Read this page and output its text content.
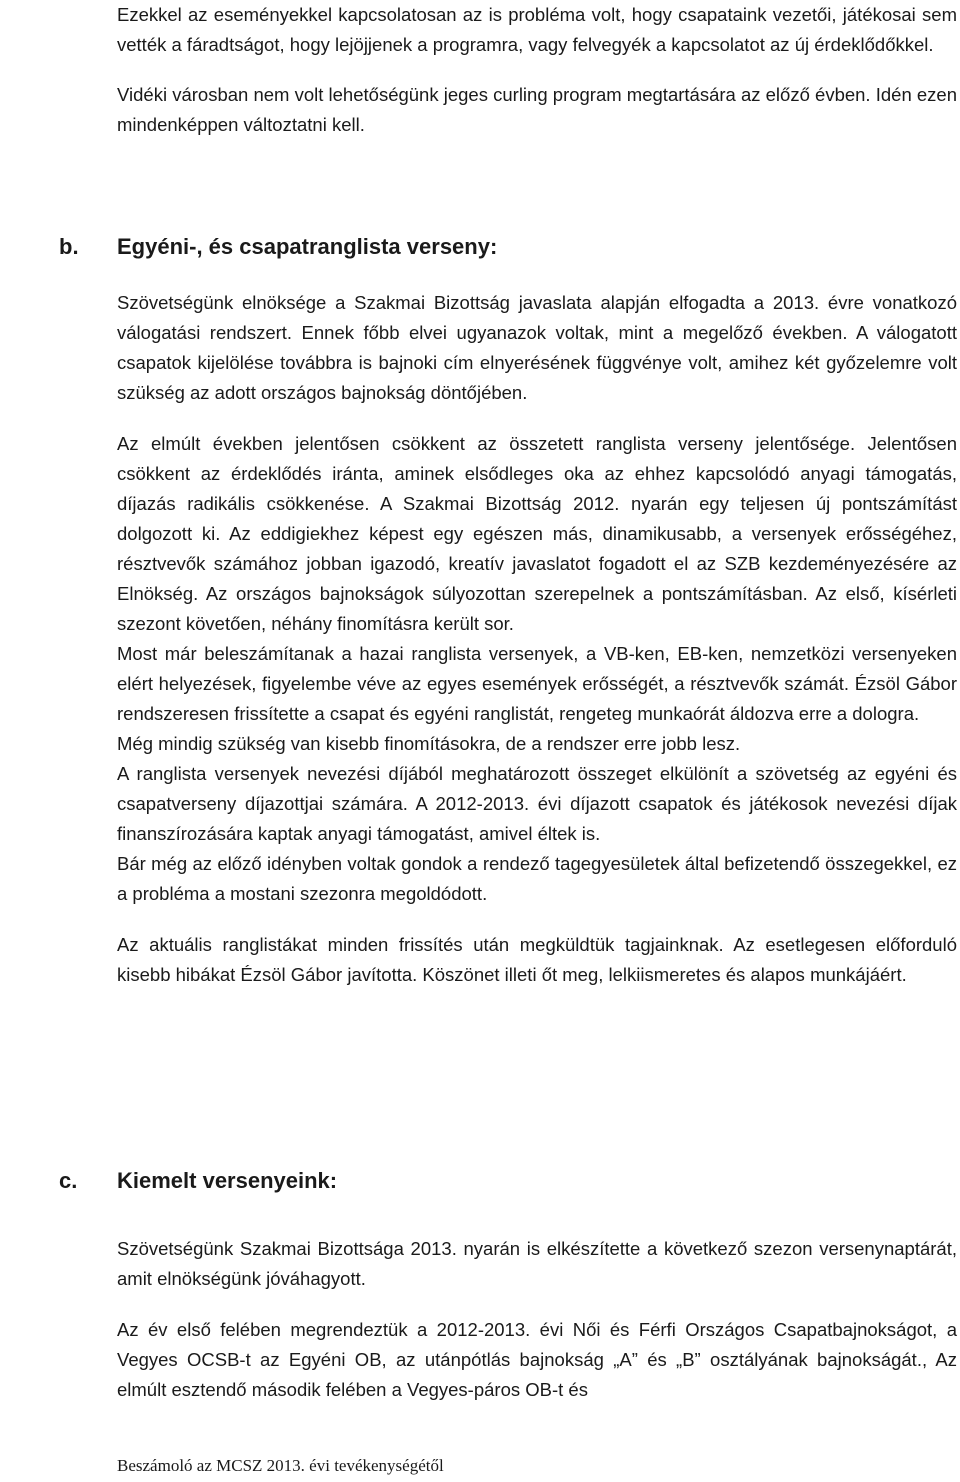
Ezekkel az eseményekkel kapcsolatosan az is probléma volt, hogy csapataink vezetői, játékosai sem vették a fáradtságot, hogy lejöjjenek a programra, vagy felvegyék a kapcsolatot az új érdeklődőkkel.

Vidéki városban nem volt lehetőségünk jeges curling program megtartására az előző évben. Idén ezen mindenképpen változtatni kell.

b.	Egyéni-, és csapatranglista verseny:

Szövetségünk elnöksége a Szakmai Bizottság javaslata alapján elfogadta a 2013. évre vonatkozó válogatási rendszert. Ennek főbb elvei ugyanazok voltak, mint a megelőző években. A válogatott csapatok kijelölése továbbra is bajnoki cím elnyerésének függvénye volt, amihez két győzelemre volt szükség az adott országos bajnokság döntőjében.

Az elmúlt években jelentősen csökkent az összetett ranglista verseny jelentősége. Jelentősen csökkent az érdeklődés iránta, aminek elsődleges oka az ehhez kapcsolódó anyagi támogatás, díjazás radikális csökkenése. A Szakmai Bizottság 2012. nyarán egy teljesen új pontszámítást dolgozott ki. Az eddigiekhez képest egy egészen más, dinamikusabb, a versenyek erősségéhez, résztvevők számához jobban igazodó, kreatív javaslatot fogadott el az SZB kezdeményezésére az Elnökség. Az országos bajnokságok súlyozottan szerepelnek a pontszámításban. Az első, kísérleti szezont követően, néhány finomításra került sor.

Most már beleszámítanak a hazai ranglista versenyek, a VB-ken, EB-ken, nemzetközi versenyeken elért helyezések, figyelembe véve az egyes események erősségét, a résztvevők számát. Ézsöl Gábor rendszeresen frissítette a csapat és egyéni ranglistát, rengeteg munkaórát áldozva erre a dologra.

Még mindig szükség van kisebb finomításokra, de a rendszer erre jobb lesz.

A ranglista versenyek nevezési díjából meghatározott összeget elkülönít a szövetség az egyéni és csapatverseny díjazottjai számára. A 2012-2013. évi díjazott csapatok és játékosok nevezési díjak finanszírozására kaptak anyagi támogatást, amivel éltek is.

Bár még az előző idényben voltak gondok a rendező tagegyesületek által befizetendő összegekkel, ez a probléma a mostani szezonra megoldódott.

Az aktuális ranglistákat minden frissítés után megküldtük tagjainknak. Az esetlegesen előforduló kisebb hibákat Ézsöl Gábor javította. Köszönet illeti őt meg, lelkiismeretes és alapos munkájáért.

c.	Kiemelt versenyeink:

Szövetségünk Szakmai Bizottsága 2013. nyarán is elkészítette a következő szezon versenynaptárát, amit elnökségünk jóváhagyott.

Az év első felében megrendeztük a 2012-2013. évi Női és Férfi Országos Csapatbajnokságot, a Vegyes OCSB-t az Egyéni OB, az utánpótlás bajnokság „A” és „B” osztályának bajnokságát., Az elmúlt esztendő második felében a Vegyes-páros OB-t és

Beszámoló az MCSZ 2013. évi tevékenységétől
